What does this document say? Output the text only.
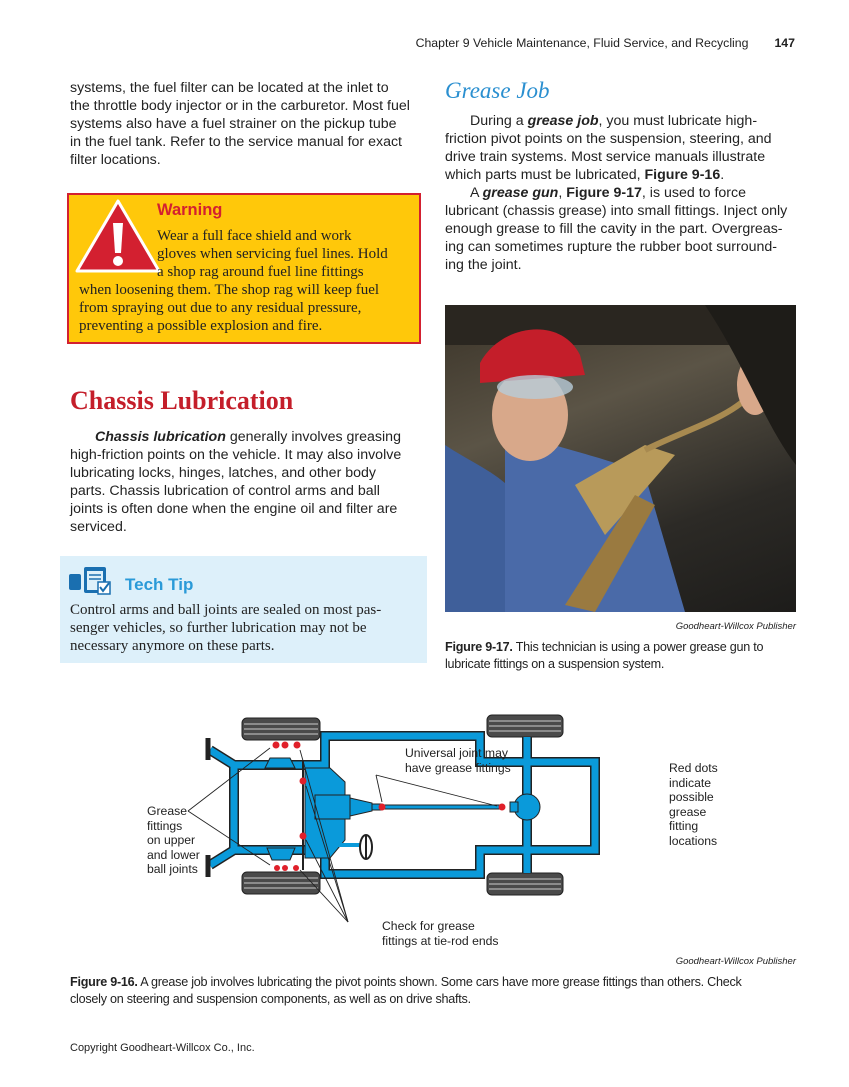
Chapter 9 Vehicle Maintenance, Fluid Service, and Recycling 147
systems, the fuel filter can be located at the inlet to
the throttle body injector or in the carburetor. Most fuel
systems also have a fuel strainer on the pickup tube
in the fuel tank. Refer to the service manual for exact
filter locations.
Warning
Wear a full face shield and work
gloves when servicing fuel lines. Hold
a shop rag around fuel line fittings
when loosening them. The shop rag will keep fuel
from spraying out due to any residual pressure,
preventing a possible explosion and fire.
Chassis Lubrication
Chassis lubrication generally involves greasing
high-friction points on the vehicle. It may also involve
lubricating locks, hinges, latches, and other body
parts. Chassis lubrication of control arms and ball
joints is often done when the engine oil and filter are
serviced.
Tech Tip
Control arms and ball joints are sealed on most pas-
senger vehicles, so further lubrication may not be
necessary anymore on these parts.
Grease Job
During a grease job, you must lubricate high-
friction pivot points on the suspension, steering, and
drive train systems. Most service manuals illustrate
which parts must be lubricated, Figure 9-16.
A grease gun, Figure 9-17, is used to force
lubricant (chassis grease) into small fittings. Inject only
enough grease to fill the cavity in the part. Overgreas-
ing can sometimes rupture the rubber boot surround-
ing the joint.
Goodheart-Willcox Publisher
Figure 9-17. This technician is using a power grease gun to
lubricate fittings on a suspension system.
Grease
fittings
on upper
and lower
ball joints
Universal joint may
have grease fittings	Red dots
indicate
possible
grease
fitting
locations
Check for grease
fittings at tie-rod ends
Goodheart-Willcox Publisher
Figure 9-16. A grease job involves lubricating the pivot points shown. Some cars have more grease fittings than others. Check
closely on steering and suspension components, as well as on drive shafts.
Copyright Goodheart-Willcox Co., Inc.
